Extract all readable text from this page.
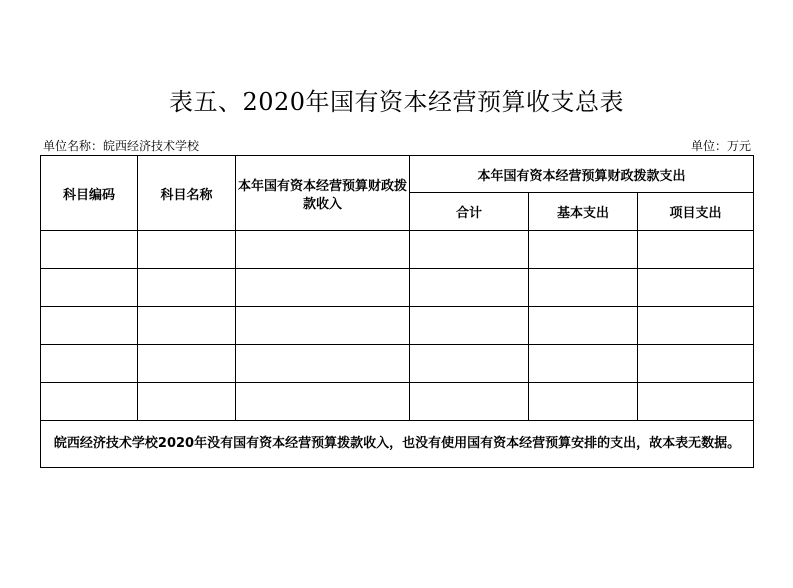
表五、2020年国有资本经营预算收支总表
单位名称：皖西经济技术学校	单位：万元
科目编码	科目名称	本年国有资本经营预算财政拨款收入	本年国有资本经营预算财政拨款支出		
			合计	基本支出	项目支出

皖西经济技术学校2020年没有国有资本经营预算拨款收入，也没有使用国有资本经营预算安排的支出，故本表无数据。					
